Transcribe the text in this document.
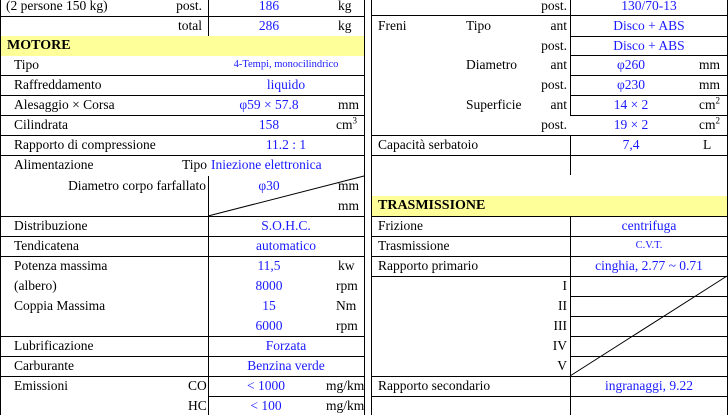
(2 persone 150 kg)	post.	186	kg
total	286	kg
MOTORE
Tipo	4-Tempi, monocilindrico
Raffreddamento	liquido
Alesaggio × Corsa	φ59 × 57.8	mm
Cilindrata	158	$cm^3$
Rapporto di compressione	11.2 : 1
Alimentazione	Tipo Iniezione elettronica
Diametro corpo farfallato	φ30	mm
mm
Distribuzione	S.O.H.C.
Tendicatena	automatico
Potenza massima	11,5	kw
(albero)	8000	rpm
Coppia Massima	15	Nm
6000	rpm
Lubrificazione	Forzata
Carburante	Benzina verde
Emissioni	CO	< 1000	mg/km
HC	< 100	mg/km
post.	130/70-13
Freni	Tipo	ant	Disco + ABS
post.	Disco + ABS
Diametro	ant	φ260	mm
post.	φ230	mm
Superficie	ant	14 × 2	$cm^2$
post.	19 × 2	$cm^2$
Capacità serbatoio	7,4	L
TRASMISSIONE
Frizione	centrifuga
Trasmissione	C.V.T.
Rapporto primario	cinghia, 2.77 ~ 0.71
I
II
III
IV
V
Rapporto secondario	ingranaggi, 9.22
